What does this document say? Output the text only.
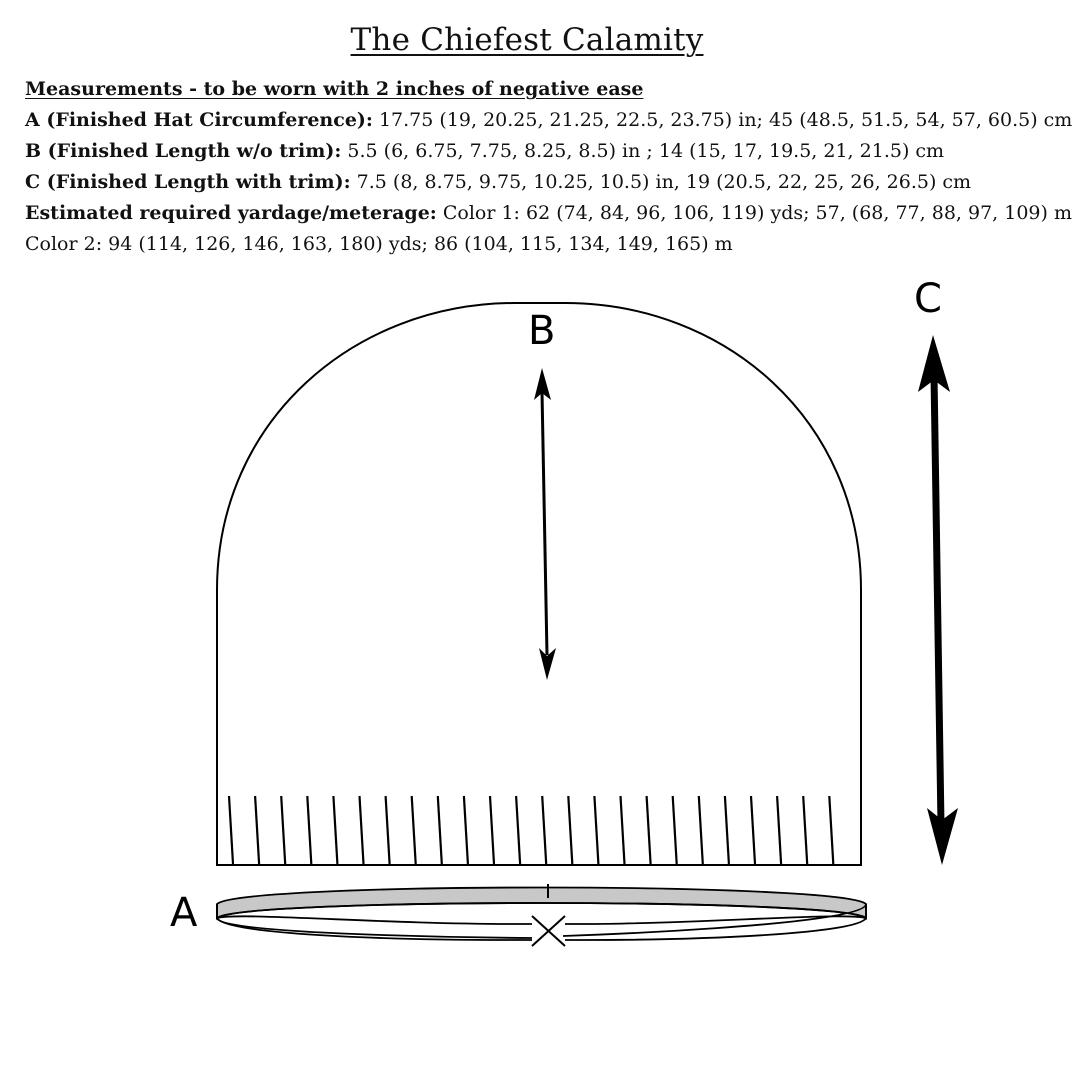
The Chiefest Calamity
Measurements - to be worn with 2 inches of negative ease
A (Finished Hat Circumference): 17.75 (19, 20.25, 21.25, 22.5, 23.75) in; 45 (48.5, 51.5, 54, 57, 60.5) cm
B (Finished Length w/o trim): 5.5 (6, 6.75, 7.75, 8.25, 8.5) in ; 14 (15, 17, 19.5, 21, 21.5) cm
C (Finished Length with trim): 7.5 (8, 8.75, 9.75, 10.25, 10.5) in, 19 (20.5, 22, 25, 26, 26.5) cm
Estimated required yardage/meterage: Color 1: 62 (74, 84, 96, 106, 119) yds; 57, (68, 77, 88, 97, 109) m
Color 2: 94 (114, 126, 146, 163, 180) yds; 86 (104, 115, 134, 149, 165) m
B
C
A
